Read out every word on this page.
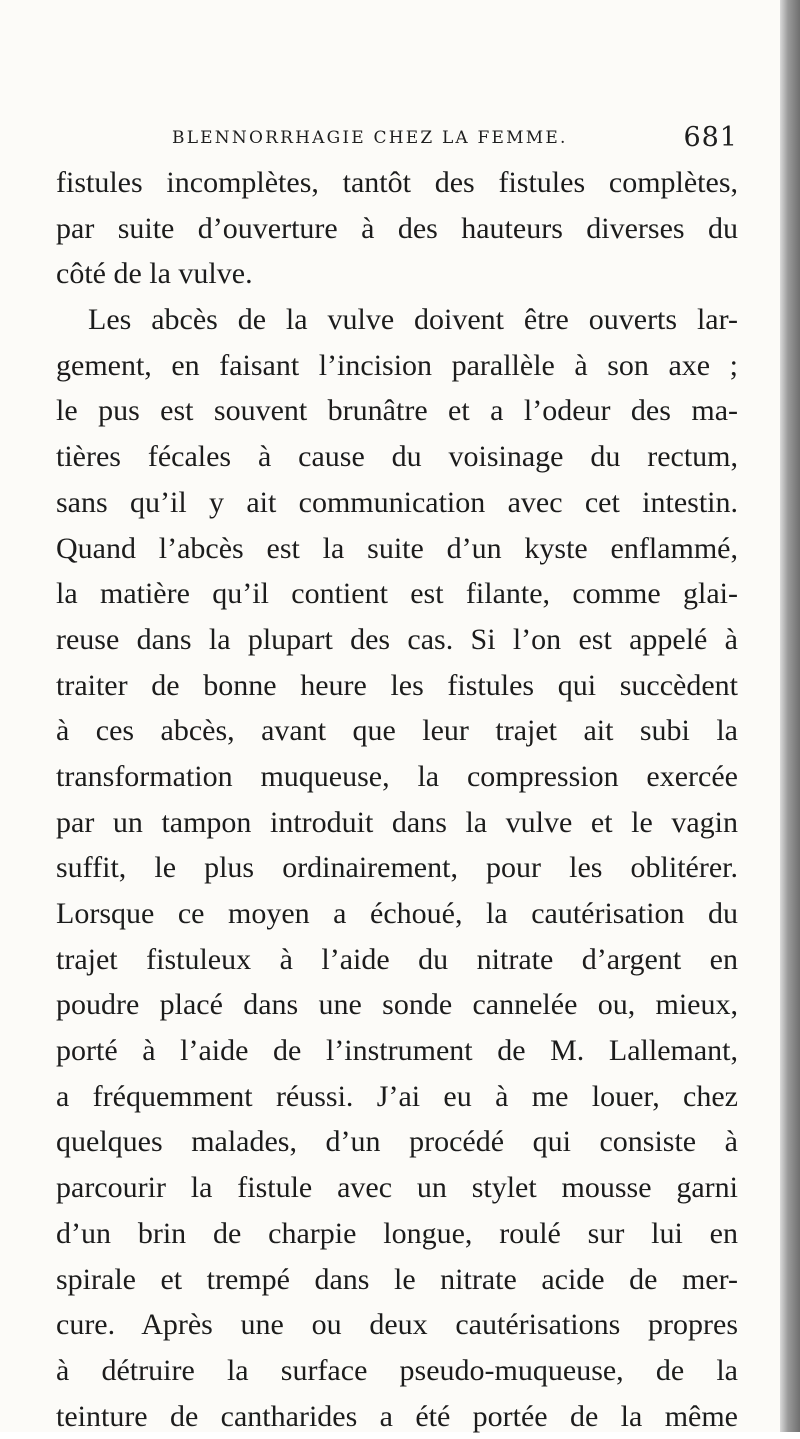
BLENNORRHAGIE CHEZ LA FEMME.	681
fistules incomplètes, tantôt des fistules complètes,
par suite d’ouverture à des hauteurs diverses du
côté de la vulve.
Les abcès de la vulve doivent être ouverts lar-
gement, en faisant l’incision parallèle à son axe ;
le pus est souvent brunâtre et a l’odeur des ma-
tières fécales à cause du voisinage du rectum,
sans qu’il y ait communication avec cet intestin.
Quand l’abcès est la suite d’un kyste enflammé,
la matière qu’il contient est filante, comme glai-
reuse dans la plupart des cas. Si l’on est appelé à
traiter de bonne heure les fistules qui succèdent
à ces abcès, avant que leur trajet ait subi la
transformation muqueuse, la compression exercée
par un tampon introduit dans la vulve et le vagin
suffit, le plus ordinairement, pour les oblitérer.
Lorsque ce moyen a échoué, la cautérisation du
trajet fistuleux à l’aide du nitrate d’argent en
poudre placé dans une sonde cannelée ou, mieux,
porté à l’aide de l’instrument de M. Lallemant,
a fréquemment réussi. J’ai eu à me louer, chez
quelques malades, d’un procédé qui consiste à
parcourir la fistule avec un stylet mousse garni
d’un brin de charpie longue, roulé sur lui en
spirale et trempé dans le nitrate acide de mer-
cure. Après une ou deux cautérisations propres
à détruire la surface pseudo-muqueuse, de la
teinture de cantharides a été portée de la même
